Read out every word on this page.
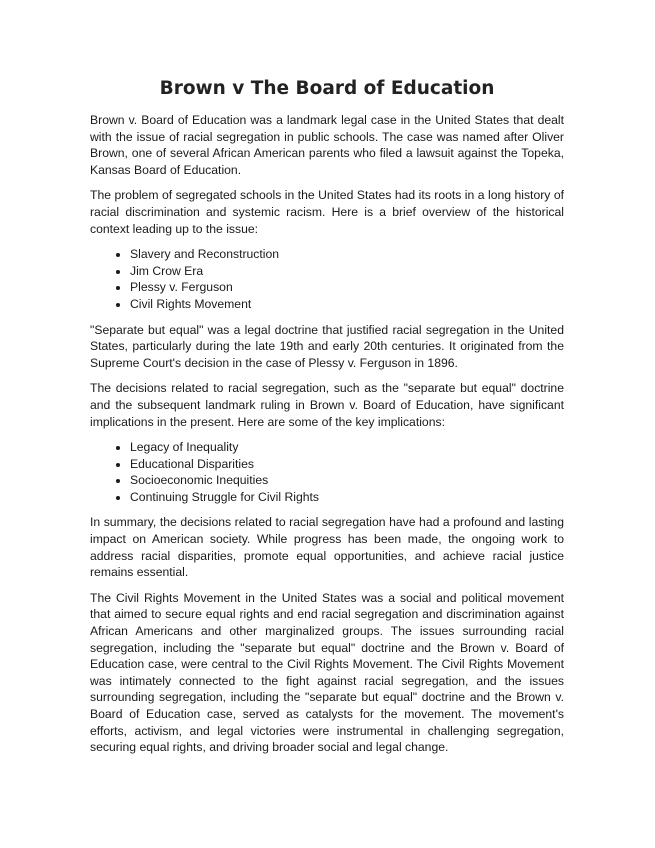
Brown v The Board of Education

Brown v. Board of Education was a landmark legal case in the United States that dealt with the issue of racial segregation in public schools. The case was named after Oliver Brown, one of several African American parents who filed a lawsuit against the Topeka, Kansas Board of Education.

The problem of segregated schools in the United States had its roots in a long history of racial discrimination and systemic racism. Here is a brief overview of the historical context leading up to the issue:

• Slavery and Reconstruction
• Jim Crow Era
• Plessy v. Ferguson
• Civil Rights Movement

"Separate but equal" was a legal doctrine that justified racial segregation in the United States, particularly during the late 19th and early 20th centuries. It originated from the Supreme Court's decision in the case of Plessy v. Ferguson in 1896.

The decisions related to racial segregation, such as the "separate but equal" doctrine and the subsequent landmark ruling in Brown v. Board of Education, have significant implications in the present. Here are some of the key implications:

• Legacy of Inequality
• Educational Disparities
• Socioeconomic Inequities
• Continuing Struggle for Civil Rights

In summary, the decisions related to racial segregation have had a profound and lasting impact on American society. While progress has been made, the ongoing work to address racial disparities, promote equal opportunities, and achieve racial justice remains essential.

The Civil Rights Movement in the United States was a social and political movement that aimed to secure equal rights and end racial segregation and discrimination against African Americans and other marginalized groups. The issues surrounding racial segregation, including the "separate but equal" doctrine and the Brown v. Board of Education case, were central to the Civil Rights Movement. The Civil Rights Movement was intimately connected to the fight against racial segregation, and the issues surrounding segregation, including the "separate but equal" doctrine and the Brown v. Board of Education case, served as catalysts for the movement. The movement's efforts, activism, and legal victories were instrumental in challenging segregation, securing equal rights, and driving broader social and legal change.
